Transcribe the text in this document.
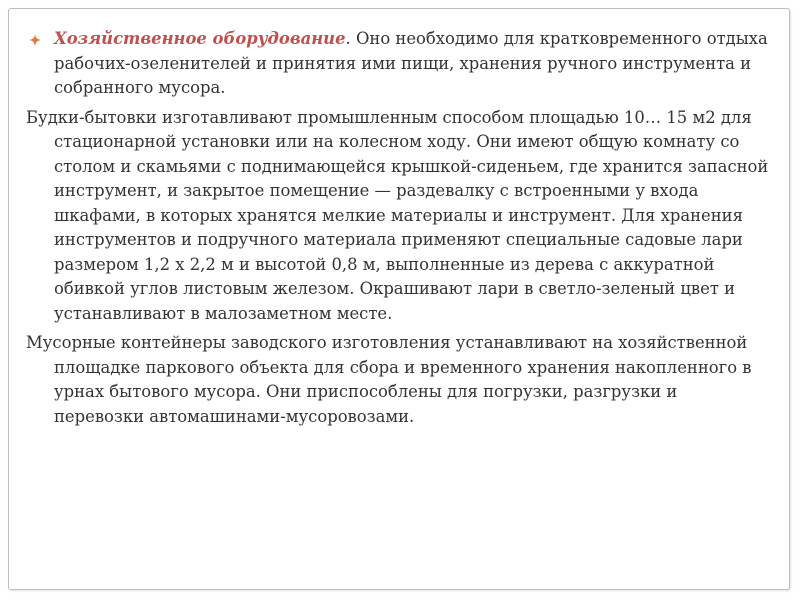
Хозяйственное оборудование. Оно необходимо для кратковременного отдыха рабочих-озеленителей и принятия ими пищи, хранения ручного инструмента и собранного мусора.

Будки-бытовки изготавливают промышленным способом площадью 10… 15 м2 для стационарной установки или на колесном ходу. Они имеют общую комнату со столом и скамьями с поднимающейся крышкой-сиденьем, где хранится запасной инструмент, и закрытое помещение — раздевалку с встроенными у входа шкафами, в которых хранятся мелкие материалы и инструмент. Для хранения инструментов и подручного материала применяют специальные садовые лари размером 1,2 х 2,2 м и высотой 0,8 м, выполненные из дерева с аккуратной обивкой углов листовым железом. Окрашивают лари в светло-зеленый цвет и устанавливают в малозаметном месте.

Мусорные контейнеры заводского изготовления устанавливают на хозяйственной площадке паркового объекта для сбора и временного хранения накопленного в урнах бытового мусора. Они приспособлены для погрузки, разгрузки и перевозки автомашинами-мусоровозами.
